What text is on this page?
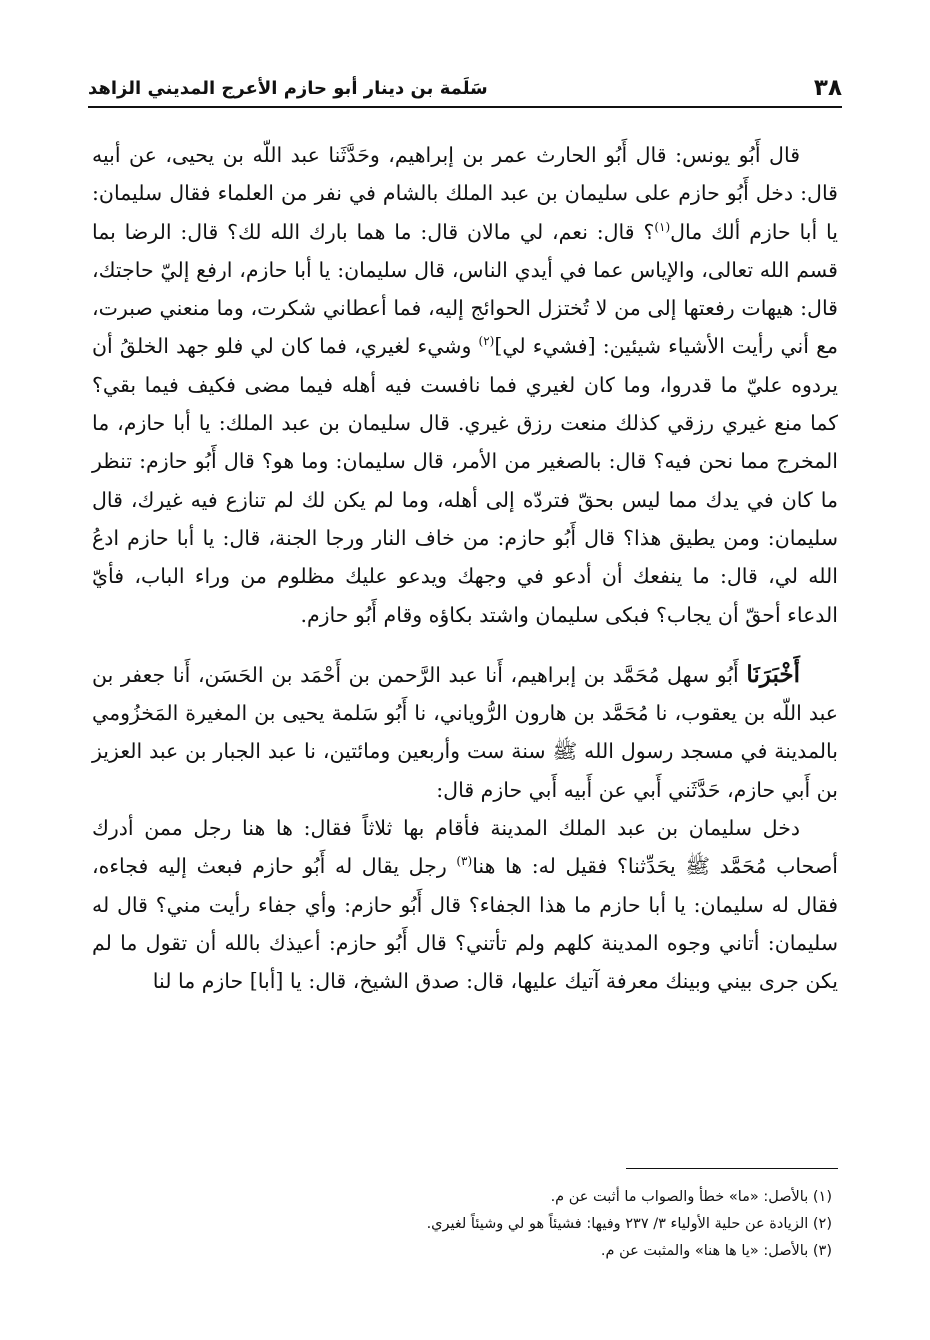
٣٨
سَلَمة بن دينار أبو حازم الأعرج المديني الزاهد

قال أَبُو يونس: قال أَبُو الحارث عمر بن إبراهيم، وحَدَّثَنا عبد اللّه بن يحيى، عن أبيه قال: دخل أَبُو حازم على سليمان بن عبد الملك بالشام في نفر من العلماء فقال سليمان: يا أبا حازم ألك مال$^{(١)}$؟ قال: نعم، لي مالان قال: ما هما بارك الله لك؟ قال: الرضا بما قسم الله تعالى، والإياس عما في أيدي الناس، قال سليمان: يا أبا حازم، ارفع إليّ حاجتك، قال: هيهات رفعتها إلى من لا تُختزل الحوائج إليه، فما أعطاني شكرت، وما منعني صبرت، مع أني رأيت الأشياء شيئين: [فشيء لي]$^{(٢)}$ وشيء لغيري، فما كان لي فلو جهد الخلقُ أن يردوه عليّ ما قدروا، وما كان لغيري فما نافست فيه أهله فيما مضى فكيف فيما بقي؟ كما منع غيري رزقي كذلك منعت رزق غيري. قال سليمان بن عبد الملك: يا أبا حازم، ما المخرج مما نحن فيه؟ قال: بالصغير من الأمر، قال سليمان: وما هو؟ قال أَبُو حازم: تنظر ما كان في يدك مما ليس بحقّ فتردّه إلى أهله، وما لم يكن لك لم تنازع فيه غيرك، قال سليمان: ومن يطيق هذا؟ قال أَبُو حازم: من خاف النار ورجا الجنة، قال: يا أبا حازم ادعُ الله لي، قال: ما ينفعك أن أدعو في وجهك ويدعو عليك مظلوم من وراء الباب، فأيّ الدعاء أحقّ أن يجاب؟ فبكى سليمان واشتد بكاؤه وقام أَبُو حازم.

أَخْبَرَنَا أَبُو سهل مُحَمَّد بن إبراهيم، أَنا عبد الرَّحمن بن أَحْمَد بن الحَسَن، أَنا جعفر بن عبد اللّه بن يعقوب، نا مُحَمَّد بن هارون الرُّوياني، نا أَبُو سَلمة يحيى بن المغيرة المَخزُومي بالمدينة في مسجد رسول الله ﷺ سنة ست وأربعين ومائتين، نا عبد الجبار بن عبد العزيز بن أَبي حازم، حَدَّثَني أَبي عن أَبيه أَبي حازم قال:

دخل سليمان بن عبد الملك المدينة فأقام بها ثلاثاً فقال: ها هنا رجل ممن أدرك أصحاب مُحَمَّد ﷺ يحَدِّثنا؟ فقيل له: ها هنا$^{(٣)}$ رجل يقال له أَبُو حازم فبعث إليه فجاءه، فقال له سليمان: يا أبا حازم ما هذا الجفاء؟ قال أَبُو حازم: وأي جفاء رأيت مني؟ قال له سليمان: أتاني وجوه المدينة كلهم ولم تأتني؟ قال أَبُو حازم: أعيذك بالله أن تقول ما لم يكن جرى بيني وبينك معرفة آتيك عليها، قال: صدق الشيخ، قال: يا [أبا] حازم ما لنا

(١) بالأصل: «ما» خطأ والصواب ما أثبت عن م.

(٢) الزيادة عن حلية الأولياء ٣/ ٢٣٧ وفيها: فشيئاً هو لي وشيئاً لغيري.

(٣) بالأصل: «يا ها هنا» والمثبت عن م.
